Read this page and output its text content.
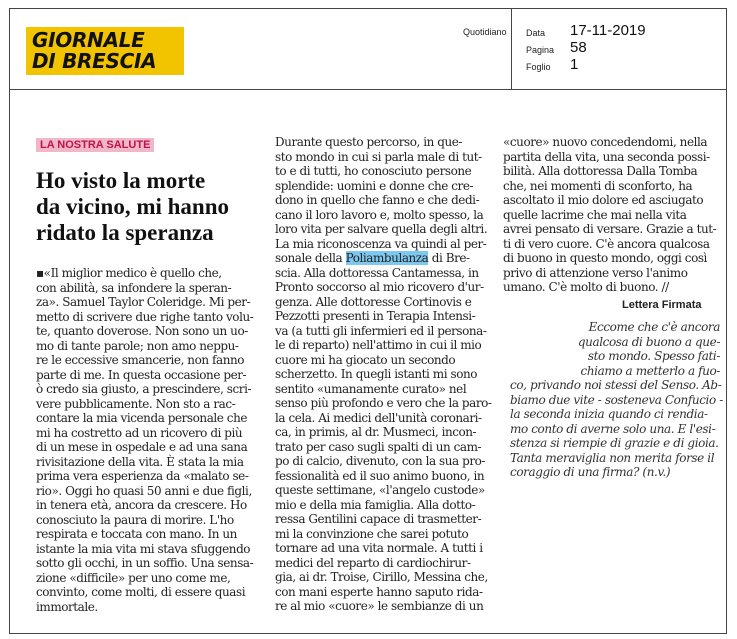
GIORNALE
DI BRESCIA
Quotidiano Data 17-11-2019
Pagina 58
Foglio 1
LA NOSTRA SALUTE
Ho visto la morte
da vicino, mi hanno
ridato la speranza
▪«Il miglior medico è quello che,
con abilità, sa infondere la speran-
za». Samuel Taylor Coleridge. Mi per-
metto di scrivere due righe tanto volu-
te, quanto doverose. Non sono un uo-
mo di tante parole; non amo neppu-
re le eccessive smancerie, non fanno
parte di me. In questa occasione per-
ò credo sia giusto, a prescindere, scri-
vere pubblicamente. Non sto a rac-
contare la mia vicenda personale che
mi ha costretto ad un ricovero di più
di un mese in ospedale e ad una sana
rivisitazione della vita. È stata la mia
prima vera esperienza da «malato se-
rio». Oggi ho quasi 50 anni e due figli,
in tenera età, ancora da crescere. Ho
conosciuto la paura di morire. L'ho
respirata e toccata con mano. In un
istante la mia vita mi stava sfuggendo
sotto gli occhi, in un soffio. Una sensa-
zione «difficile» per uno come me,
convinto, come molti, di essere quasi
immortale.
Durante questo percorso, in que-
sto mondo in cui si parla male di tut-
to e di tutti, ho conosciuto persone
splendide: uomini e donne che cre-
dono in quello che fanno e che dedi-
cano il loro lavoro e, molto spesso, la
loro vita per salvare quella degli altri.
La mia riconoscenza va quindi al per-
sonale della Poliambulanza di Bre-
scia. Alla dottoressa Cantamessa, in
Pronto soccorso al mio ricovero d'ur-
genza. Alle dottoresse Cortinovis e
Pezzotti presenti in Terapia Intensi-
va (a tutti gli infermieri ed il persona-
le di reparto) nell'attimo in cui il mio
cuore mi ha giocato un secondo
scherzetto. In quegli istanti mi sono
sentito «umanamente curato» nel
senso più profondo e vero che la paro-
la cela. Ai medici dell'unità coronari-
ca, in primis, al dr. Musmeci, incon-
trato per caso sugli spalti di un cam-
po di calcio, divenuto, con la sua pro-
fessionalità ed il suo animo buono, in
queste settimane, «l'angelo custode»
mio e della mia famiglia. Alla dotto-
ressa Gentilini capace di trasmetter-
mi la convinzione che sarei potuto
tornare ad una vita normale. A tutti i
medici del reparto di cardiochirur-
gia, ai dr. Troise, Cirillo, Messina che,
con mani esperte hanno saputo rida-
re al mio «cuore» le sembianze di un
«cuore» nuovo concedendomi, nella
partita della vita, una seconda possi-
bilità. Alla dottoressa Dalla Tomba
che, nei momenti di sconforto, ha
ascoltato il mio dolore ed asciugato
quelle lacrime che mai nella vita
avrei pensato di versare. Grazie a tut-
ti di vero cuore. C'è ancora qualcosa
di buono in questo mondo, oggi così
privo di attenzione verso l'animo
umano. C'è molto di buono. //
Lettera Firmata
Eccome che c'è ancora
qualcosa di buono a que-
sto mondo. Spesso fati-
chiamo a metterlo a fuo-
co, privando noi stessi del Senso. Ab-
biamo due vite - sosteneva Confucio -
la seconda inizia quando ci rendia-
mo conto di averne solo una. E l'esi-
stenza si riempie di grazie e di gioia.
Tanta meraviglia non merita forse il
coraggio di una firma? (n.v.)
